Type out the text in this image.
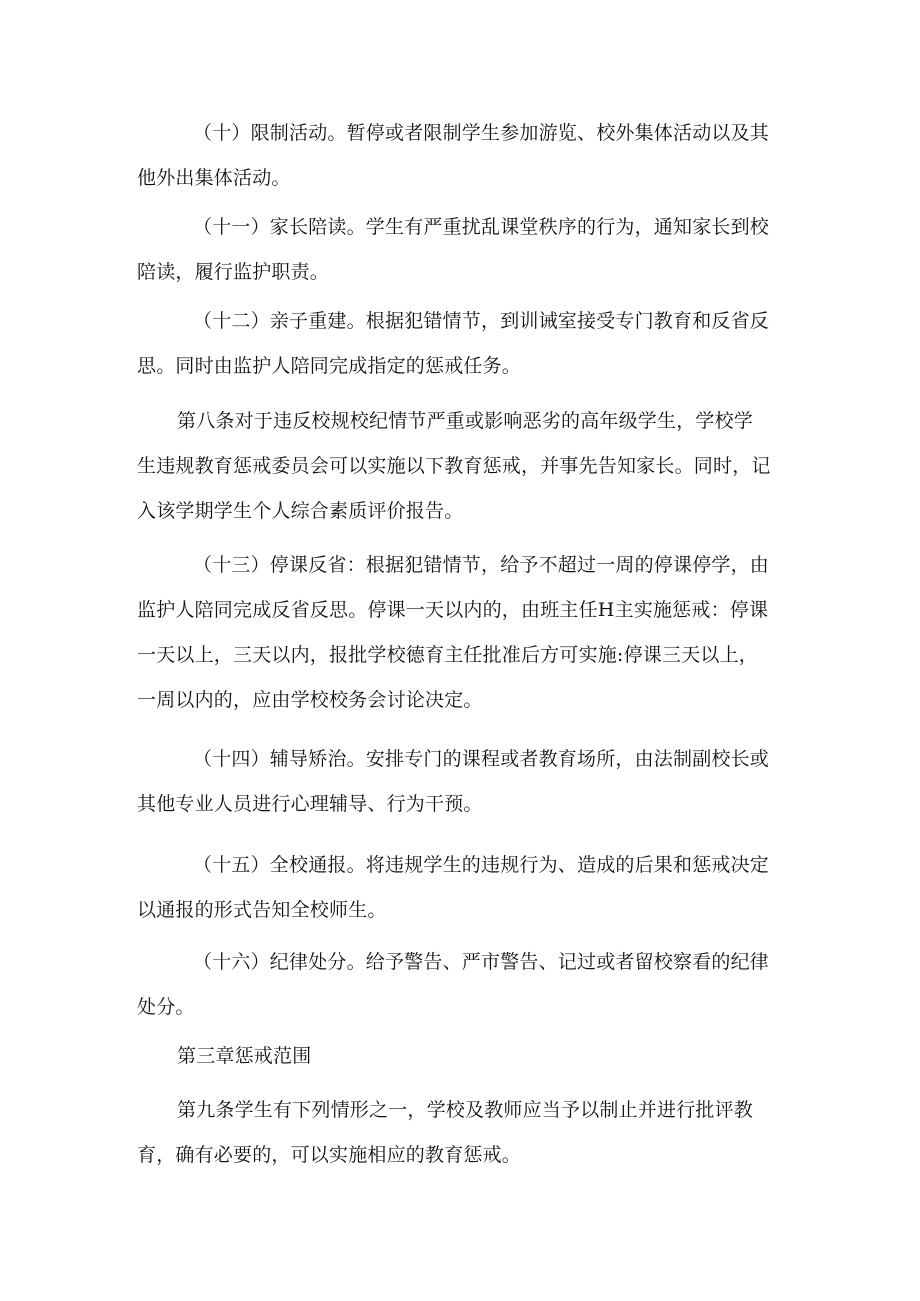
（十）限制活动。暂停或者限制学生参加游览、校外集体活动以及其
他外出集体活动。

（十一）家长陪读。学生有严重扰乱课堂秩序的行为，通知家长到校
陪读，履行监护职责。

（十二）亲子重建。根据犯错情节，到训诫室接受专门教育和反省反
思。同时由监护人陪同完成指定的惩戒任务。

第八条对于违反校规校纪情节严重或影响恶劣的高年级学生，学校学
生违规教育惩戒委员会可以实施以下教育惩戒，并事先告知家长。同时，记
入该学期学生个人综合素质评价报告。

（十三）停课反省：根据犯错情节，给予不超过一周的停课停学，由
监护人陪同完成反省反思。停课一天以内的，由班主任H主实施惩戒：停课
一天以上，三天以内，报批学校德育主任批准后方可实施:停课三天以上，
一周以内的，应由学校校务会讨论决定。

（十四）辅导矫治。安排专门的课程或者教育场所，由法制副校长或
其他专业人员进行心理辅导、行为干预。

（十五）全校通报。将违规学生的违规行为、造成的后果和惩戒决定
以通报的形式告知全校师生。

（十六）纪律处分。给予警告、严市警告、记过或者留校察看的纪律
处分。

第三章惩戒范围

第九条学生有下列情形之一，学校及教师应当予以制止并进行批评教
育，确有必要的，可以实施相应的教育惩戒。
